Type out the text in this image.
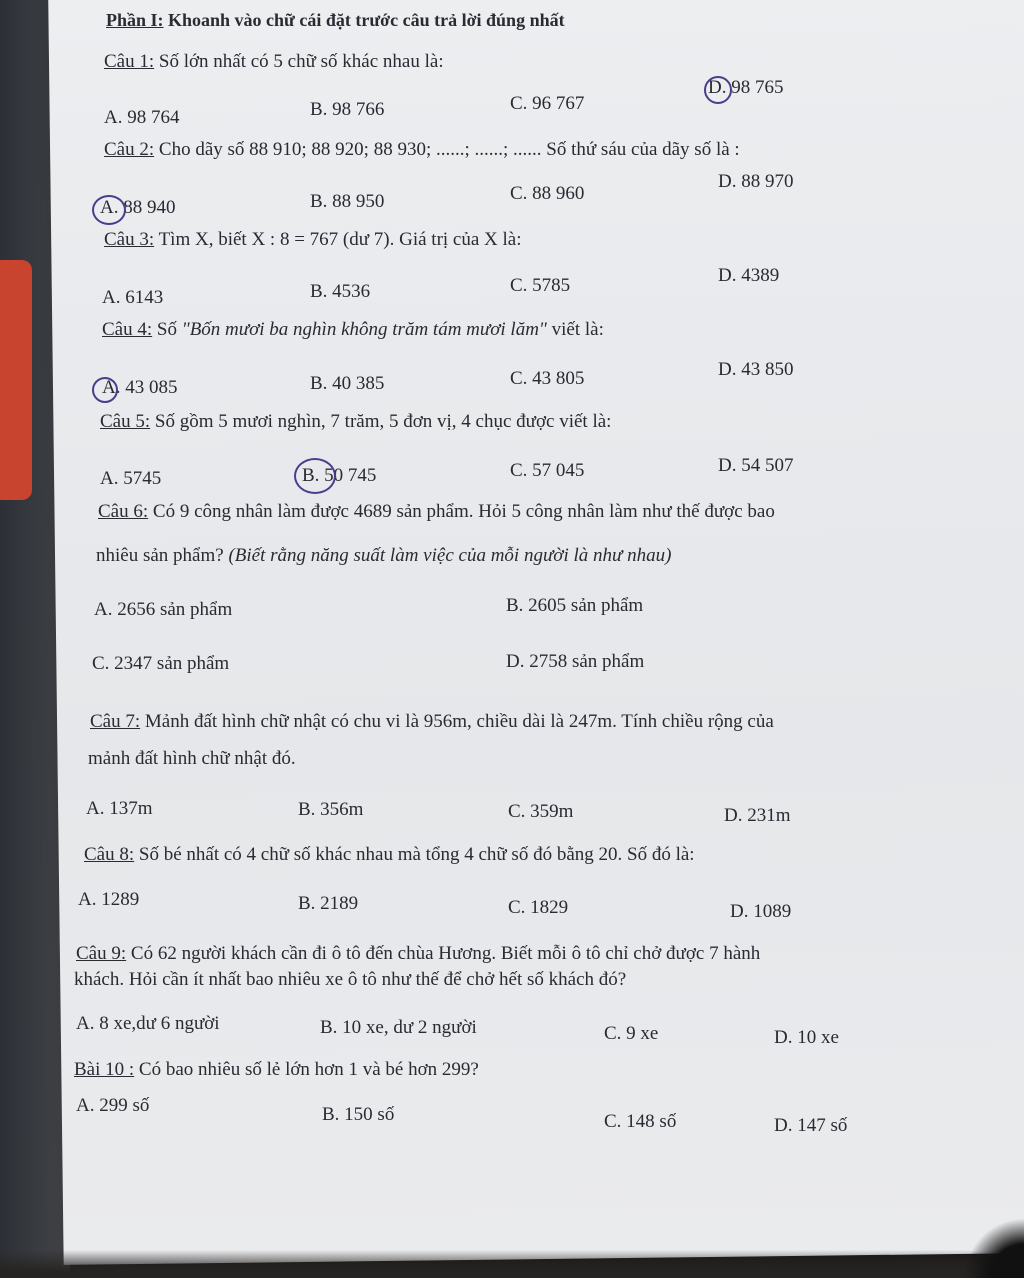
Phần I: Khoanh vào chữ cái đặt trước câu trả lời đúng nhất
Câu 1: Số lớn nhất có 5 chữ số khác nhau là:
A. 98 764	B. 98 766	C. 96 767
D. 98 765
Câu 2: Cho dãy số 88 910; 88 920; 88 930; ......; ......; ...... Số thứ sáu của dãy số là :
A. 88 940	B. 88 950	C. 88 960
D. 88 970
Câu 3: Tìm X, biết X : 8 = 767 (dư 7). Giá trị của X là:
A. 6143	B. 4536	C. 5785	D. 4389
Câu 4: Số "Bốn mươi ba nghìn không trăm tám mươi lăm" viết là:
A. 43 085	B. 40 385	C. 43 805	D. 43 850
Câu 5: Số gồm 5 mươi nghìn, 7 trăm, 5 đơn vị, 4 chục được viết là:
A. 5745	B. 50 745	C. 57 045	D. 54 507
Câu 6: Có 9 công nhân làm được 4689 sản phẩm. Hỏi 5 công nhân làm như thế được bao
nhiêu sản phẩm? (Biết rằng năng suất làm việc của mỗi người là như nhau)
A. 2656 sản phẩm	B. 2605 sản phẩm
C. 2347 sản phẩm	D. 2758 sản phẩm
Câu 7: Mảnh đất hình chữ nhật có chu vi là 956m, chiều dài là 247m. Tính chiều rộng của
mảnh đất hình chữ nhật đó.
A. 137m	B. 356m	C. 359m	D. 231m
Câu 8: Số bé nhất có 4 chữ số khác nhau mà tổng 4 chữ số đó bằng 20. Số đó là:
A. 1289	B. 2189	C. 1829	D. 1089
Câu 9: Có 62 người khách cần đi ô tô đến chùa Hương. Biết mỗi ô tô chỉ chở được 7 hành
khách. Hỏi cần ít nhất bao nhiêu xe ô tô như thế để chở hết số khách đó?
A. 8 xe,dư 6 người	B. 10 xe, dư 2 người	C. 9 xe	D. 10 xe
Bài 10 : Có bao nhiêu số lẻ lớn hơn 1 và bé hơn 299?
A. 299 số	B. 150 số	C. 148 số	D. 147 số
